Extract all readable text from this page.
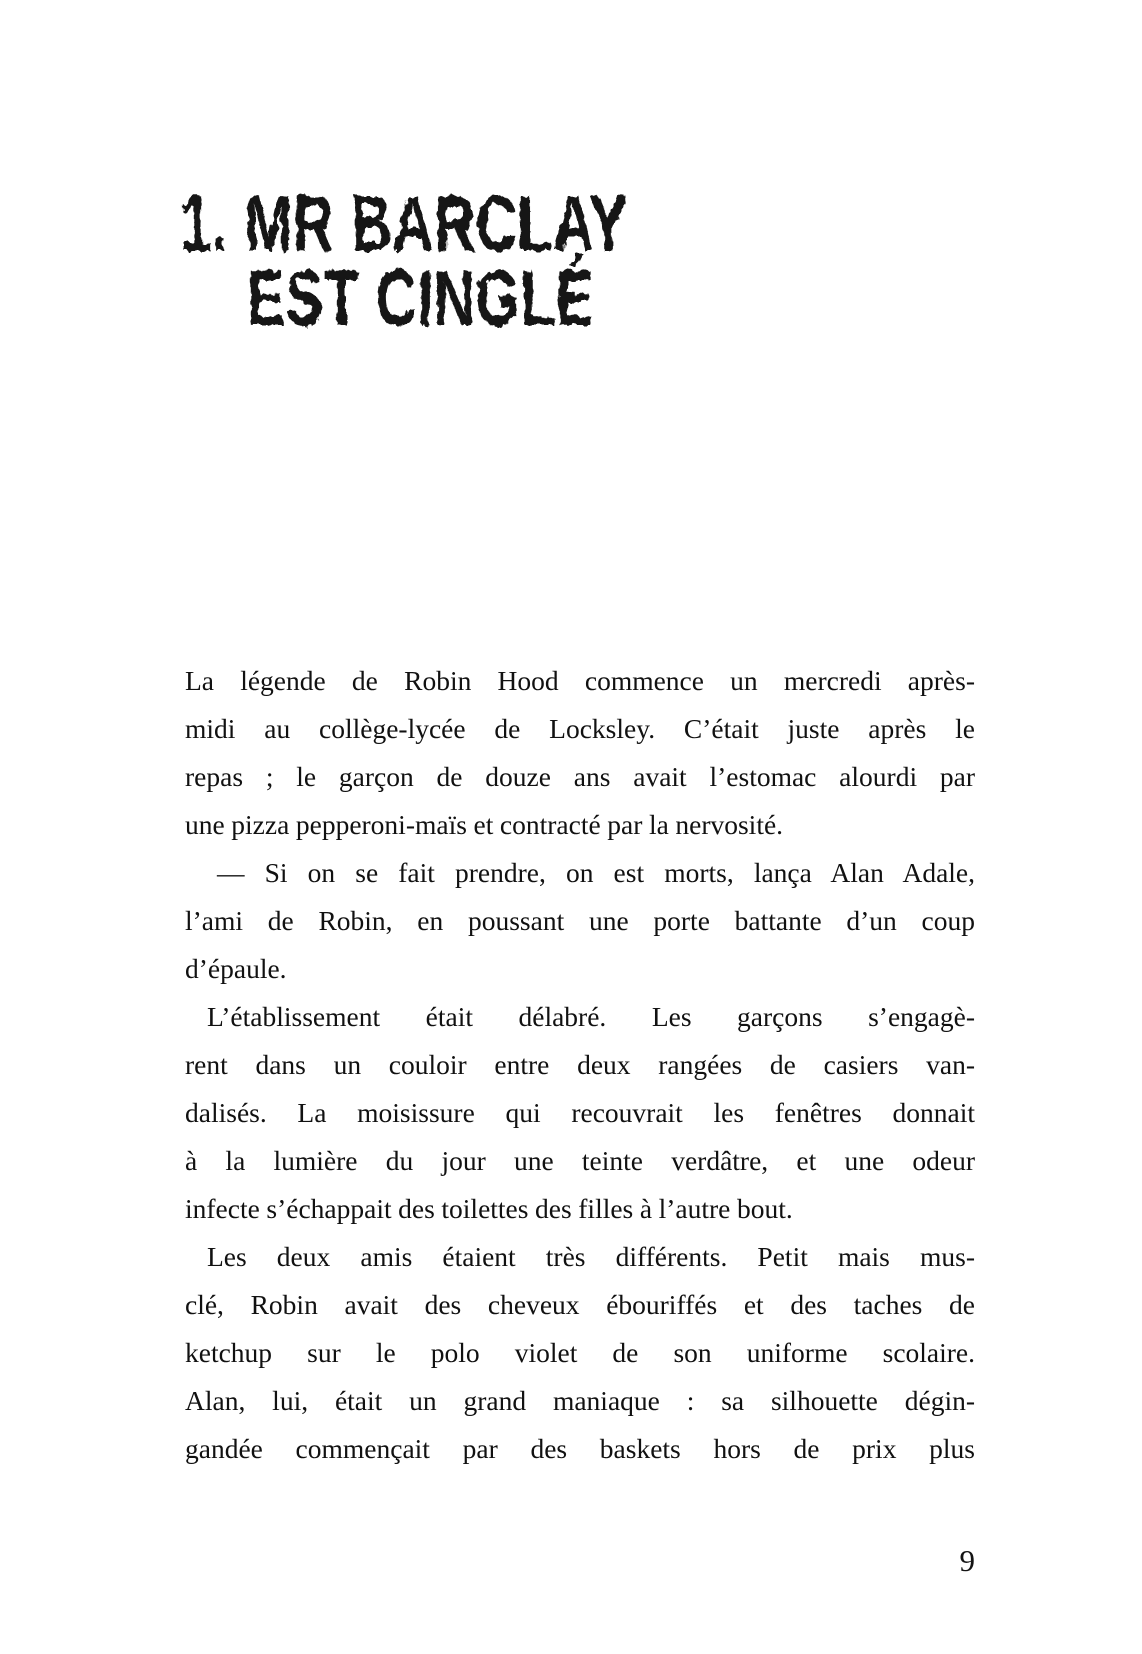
1. MR BARCLAY
EST CINGLÉ
La légende de Robin Hood commence un mercredi après-
midi au collège-lycée de Locksley. C’était juste après le
repas ; le garçon de douze ans avait l’estomac alourdi par
une pizza pepperoni-maïs et contracté par la nervosité.
— Si on se fait prendre, on est morts, lança Alan Adale,
l’ami de Robin, en poussant une porte battante d’un coup
d’épaule.
L’établissement était délabré. Les garçons s’engagè-
rent dans un couloir entre deux rangées de casiers van-
dalisés. La moisissure qui recouvrait les fenêtres donnait
à la lumière du jour une teinte verdâtre, et une odeur
infecte s’échappait des toilettes des filles à l’autre bout.
Les deux amis étaient très différents. Petit mais mus-
clé, Robin avait des cheveux ébouriffés et des taches de
ketchup sur le polo violet de son uniforme scolaire.
Alan, lui, était un grand maniaque : sa silhouette dégin-
gandée commençait par des baskets hors de prix plus
9
